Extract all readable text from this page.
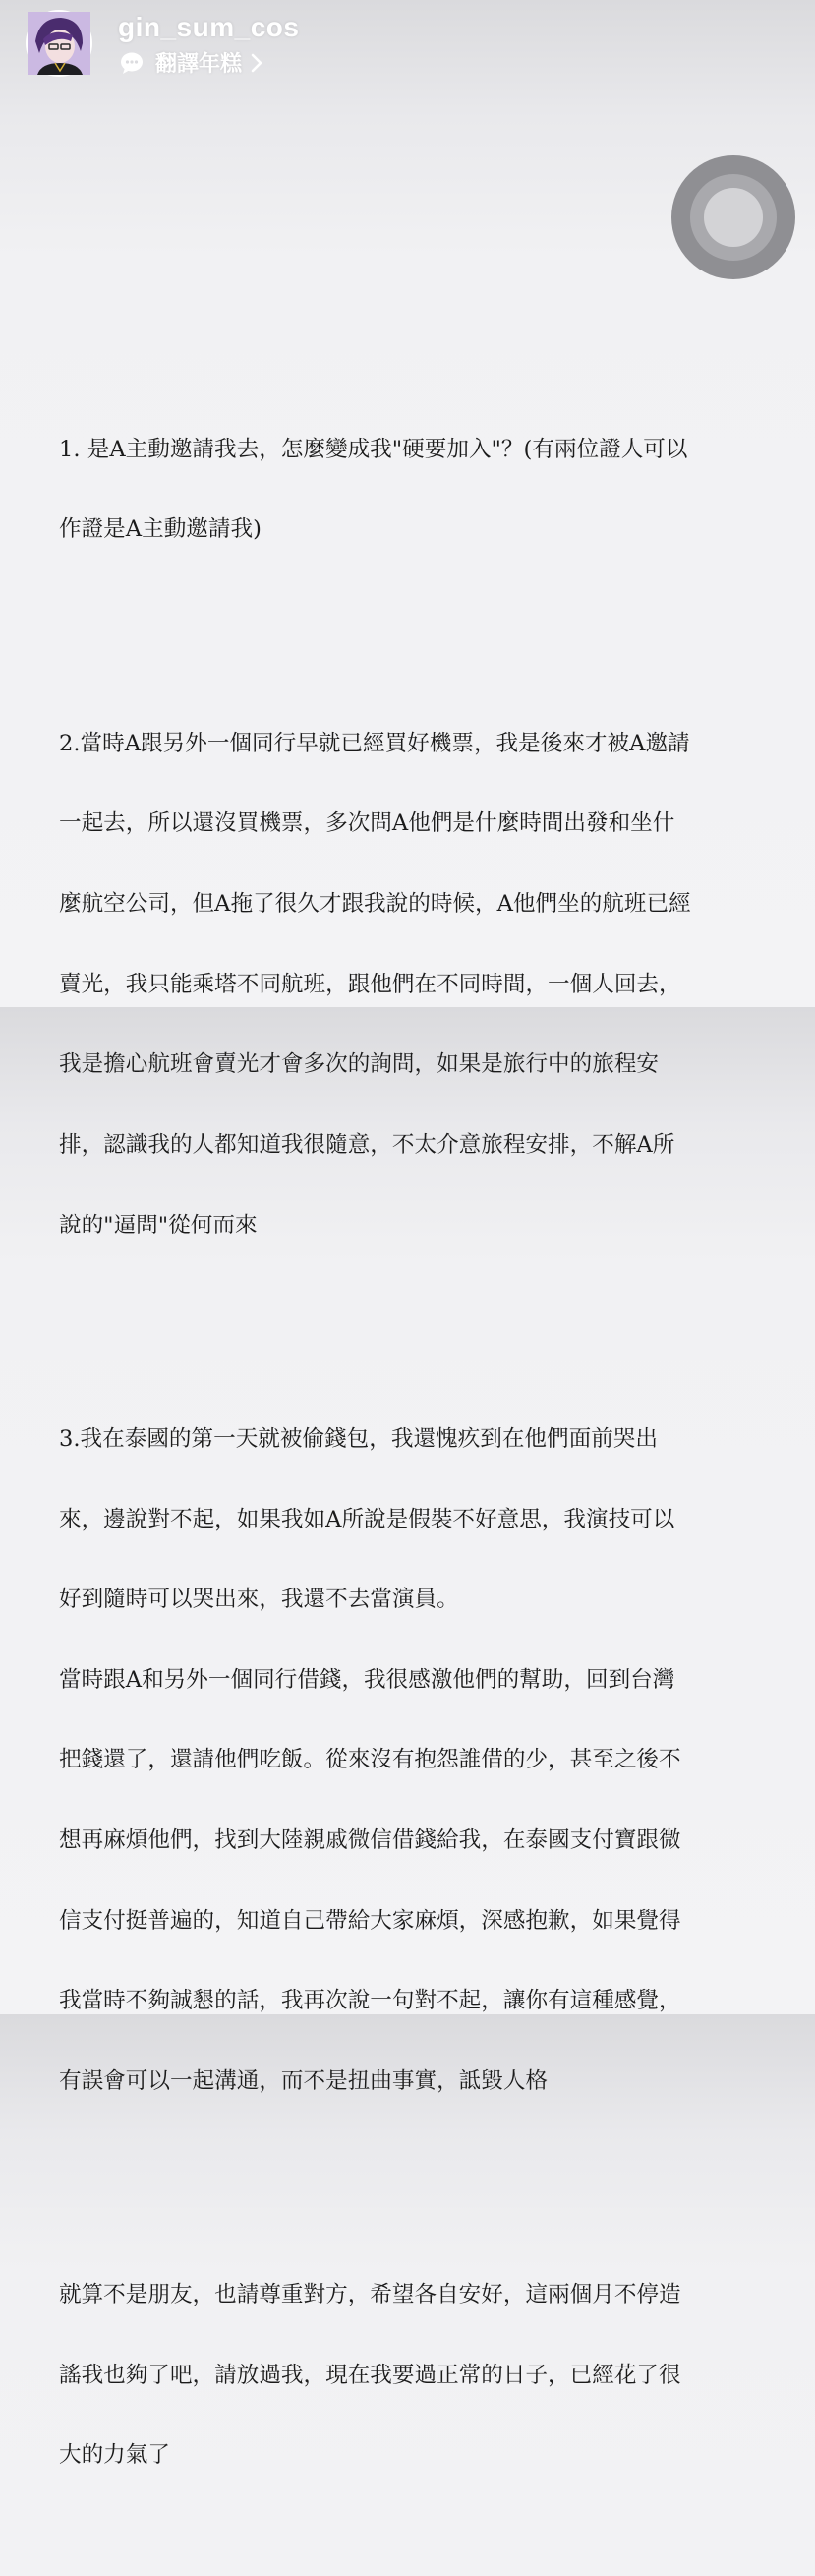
gin_sum_cos
翻譯年糕

1. 是A主動邀請我去，怎麼變成我"硬要加入"？(有兩位證人可以

作證是A主動邀請我)

2.當時A跟另外一個同行早就已經買好機票，我是後來才被A邀請

一起去，所以還沒買機票，多次問A他們是什麼時間出發和坐什

麼航空公司，但A拖了很久才跟我說的時候，A他們坐的航班已經

賣光，我只能乘塔不同航班，跟他們在不同時間，一個人回去，

我是擔心航班會賣光才會多次的詢問，如果是旅行中的旅程安

排，認識我的人都知道我很隨意，不太介意旅程安排，不解A所

說的"逼問"從何而來

3.我在泰國的第一天就被偷錢包，我還愧疚到在他們面前哭出

來，邊說對不起，如果我如A所說是假裝不好意思，我演技可以

好到隨時可以哭出來，我還不去當演員。

當時跟A和另外一個同行借錢，我很感激他們的幫助，回到台灣

把錢還了，還請他們吃飯。從來沒有抱怨誰借的少，甚至之後不

想再麻煩他們，找到大陸親戚微信借錢給我，在泰國支付寶跟微

信支付挺普遍的，知道自己帶給大家麻煩，深感抱歉，如果覺得

我當時不夠誠懇的話，我再次說一句對不起，讓你有這種感覺，

有誤會可以一起溝通，而不是扭曲事實，詆毀人格

就算不是朋友，也請尊重對方，希望各自安好，這兩個月不停造

謠我也夠了吧，請放過我，現在我要過正常的日子，已經花了很

大的力氣了
